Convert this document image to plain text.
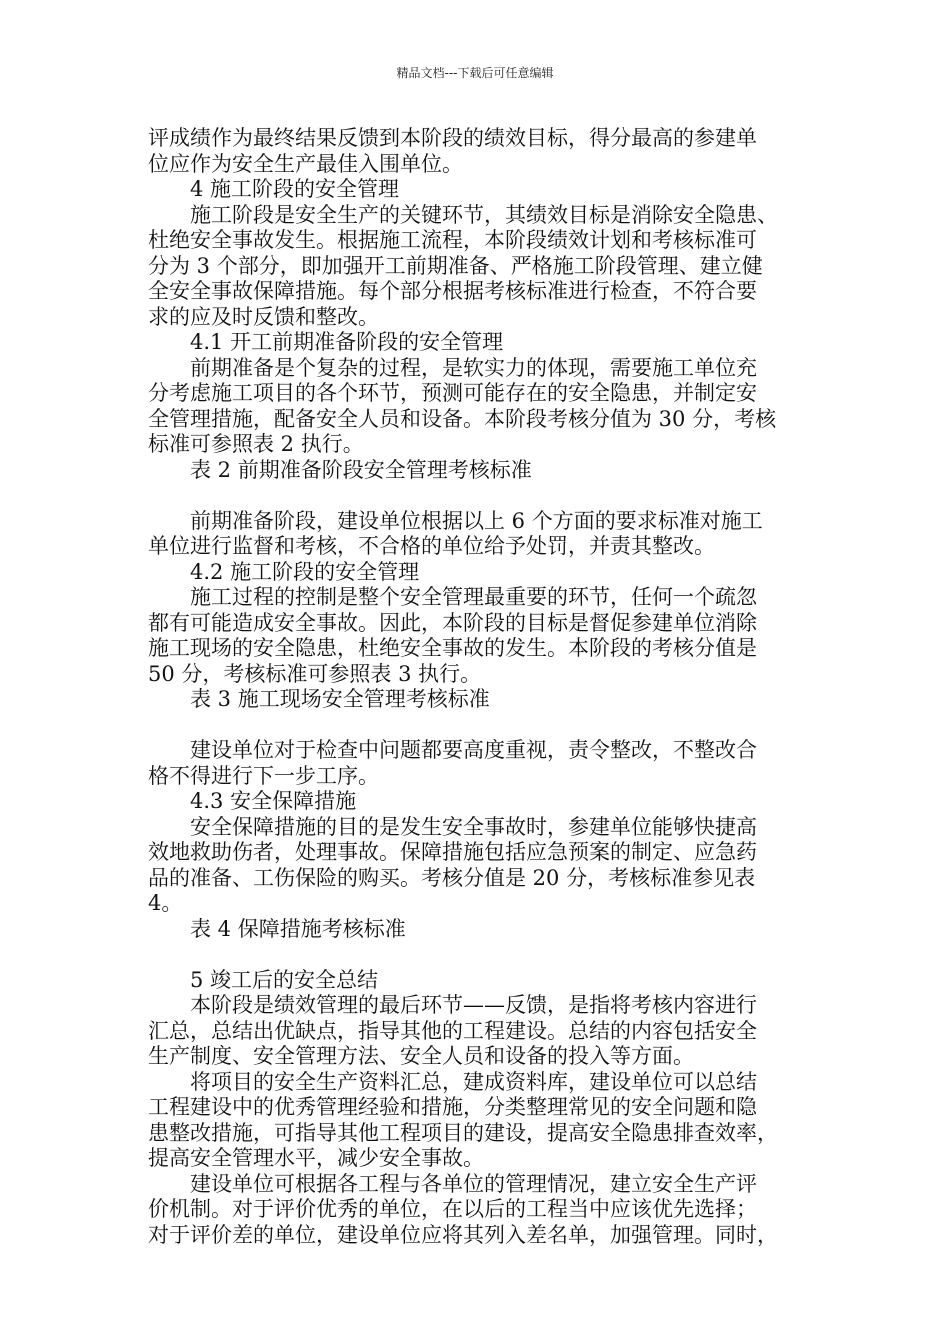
精品文档---下载后可任意编辑
评成绩作为最终结果反馈到本阶段的绩效目标，得分最高的参建单
位应作为安全生产最佳入围单位。
4 施工阶段的安全管理
施工阶段是安全生产的关键环节，其绩效目标是消除安全隐患、
杜绝安全事故发生。根据施工流程，本阶段绩效计划和考核标准可
分为 3 个部分，即加强开工前期准备、严格施工阶段管理、建立健
全安全事故保障措施。每个部分根据考核标准进行检查，不符合要
求的应及时反馈和整改。
4.1 开工前期准备阶段的安全管理
前期准备是个复杂的过程，是软实力的体现，需要施工单位充
分考虑施工项目的各个环节，预测可能存在的安全隐患，并制定安
全管理措施，配备安全人员和设备。本阶段考核分值为 30 分，考核
标准可参照表 2 执行。
表 2 前期准备阶段安全管理考核标准
前期准备阶段，建设单位根据以上 6 个方面的要求标准对施工
单位进行监督和考核，不合格的单位给予处罚，并责其整改。
4.2 施工阶段的安全管理
施工过程的控制是整个安全管理最重要的环节，任何一个疏忽
都有可能造成安全事故。因此，本阶段的目标是督促参建单位消除
施工现场的安全隐患，杜绝安全事故的发生。本阶段的考核分值是
50 分，考核标准可参照表 3 执行。
表 3 施工现场安全管理考核标准
建设单位对于检查中问题都要高度重视，责令整改，不整改合
格不得进行下一步工序。
4.3 安全保障措施
安全保障措施的目的是发生安全事故时，参建单位能够快捷高
效地救助伤者，处理事故。保障措施包括应急预案的制定、应急药
品的准备、工伤保险的购买。考核分值是 20 分，考核标准参见表
4。
表 4 保障措施考核标准
5 竣工后的安全总结
本阶段是绩效管理的最后环节——反馈，是指将考核内容进行
汇总，总结出优缺点，指导其他的工程建设。总结的内容包括安全
生产制度、安全管理方法、安全人员和设备的投入等方面。
将项目的安全生产资料汇总，建成资料库，建设单位可以总结
工程建设中的优秀管理经验和措施，分类整理常见的安全问题和隐
患整改措施，可指导其他工程项目的建设，提高安全隐患排查效率，
提高安全管理水平，减少安全事故。
建设单位可根据各工程与各单位的管理情况，建立安全生产评
价机制。对于评价优秀的单位，在以后的工程当中应该优先选择；
对于评价差的单位，建设单位应将其列入差名单，加强管理。同时，
